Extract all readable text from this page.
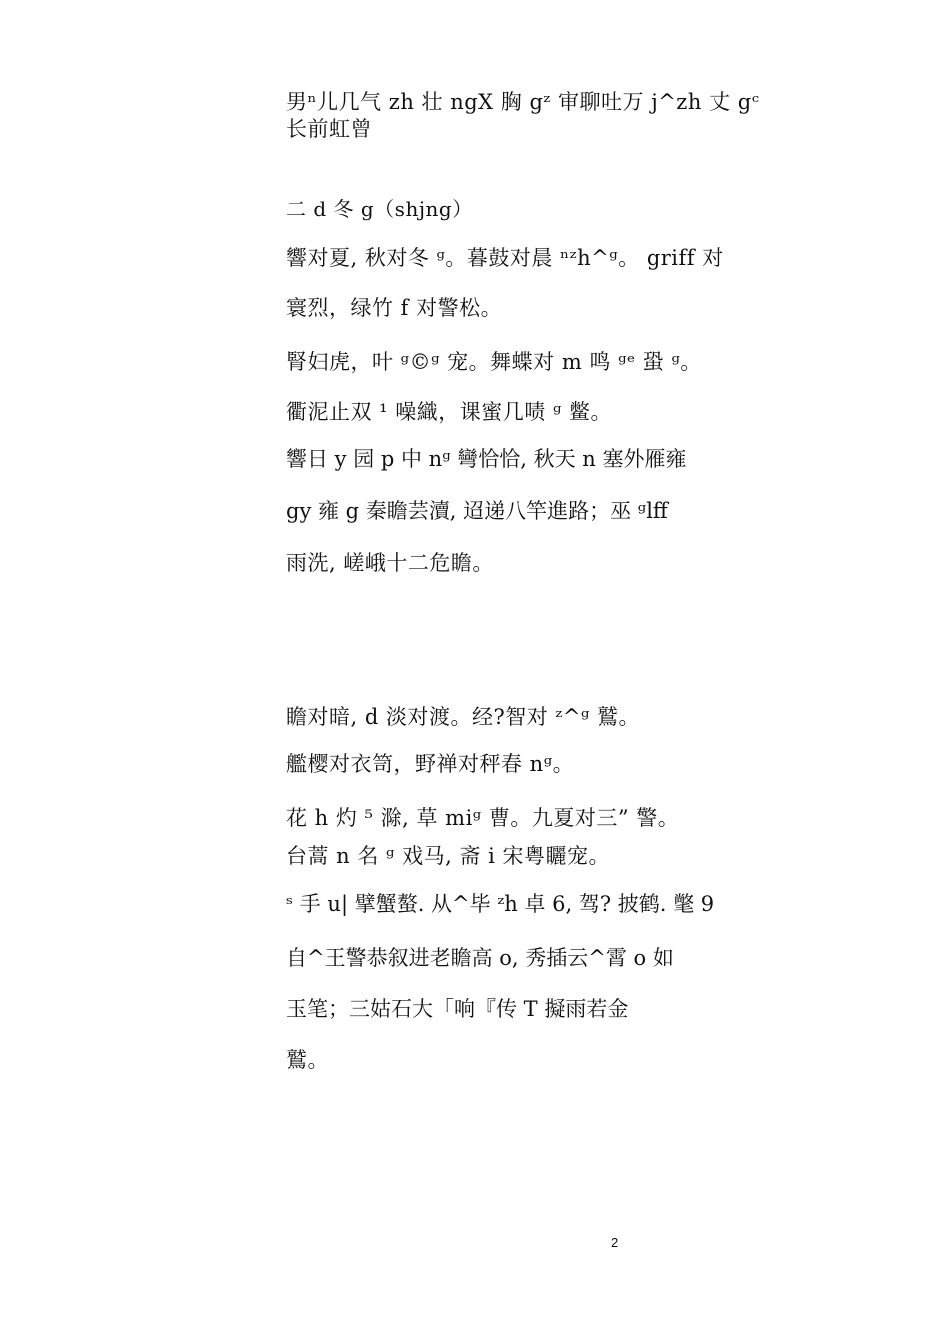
男ⁿ儿几气 zh 壮 ngX 胸 gᶻ 审聊吐万 j^zh 丈 gᶜ
长前虹曾
二 d 冬 g（shjng）
響对夏, 秋对冬 ᵍ。暮鼓对晨 ⁿᶻh^ᵍ。 griff 对
寰烈，绿竹 f 对警松。
腎妇虎，叶 ᵍ©ᵍ 宠。舞蝶对 m 鸣 ᵍᵉ 蛩 ᵍ。
衢泥止双 ¹ 噪織，课蜜几啧 ᵍ 鳖。
響日 y 园 p 中 nᵍ 彎恰恰, 秋天 n 塞外雁雍
gy 雍 g 秦瞻芸瀆, 迢递八竿進路；巫 ᵍlff
雨洗, 嵯峨十二危瞻。
瞻对暗, d 淡对渡。经?智对 ᶻ^ᵍ 鷲。
艦樱对衣笥，野禅对秤春 nᵍ。
花 h 灼 ⁵ 滁, 草 miᵍ 曹。九夏对三” 警。
台蒿 n 名 ᵍ 戏马, 斋 i 宋粤矖宠。
ˢ 手 u| 擘蟹螯. 从^毕 ᶻh 卓 6, 驾? 披鹤. 氅 9
自^王警恭叙进老瞻高 o, 秀插云^霄 o 如
玉笔；三姑石大「响『传 T 擬雨若金
鷲。
2
